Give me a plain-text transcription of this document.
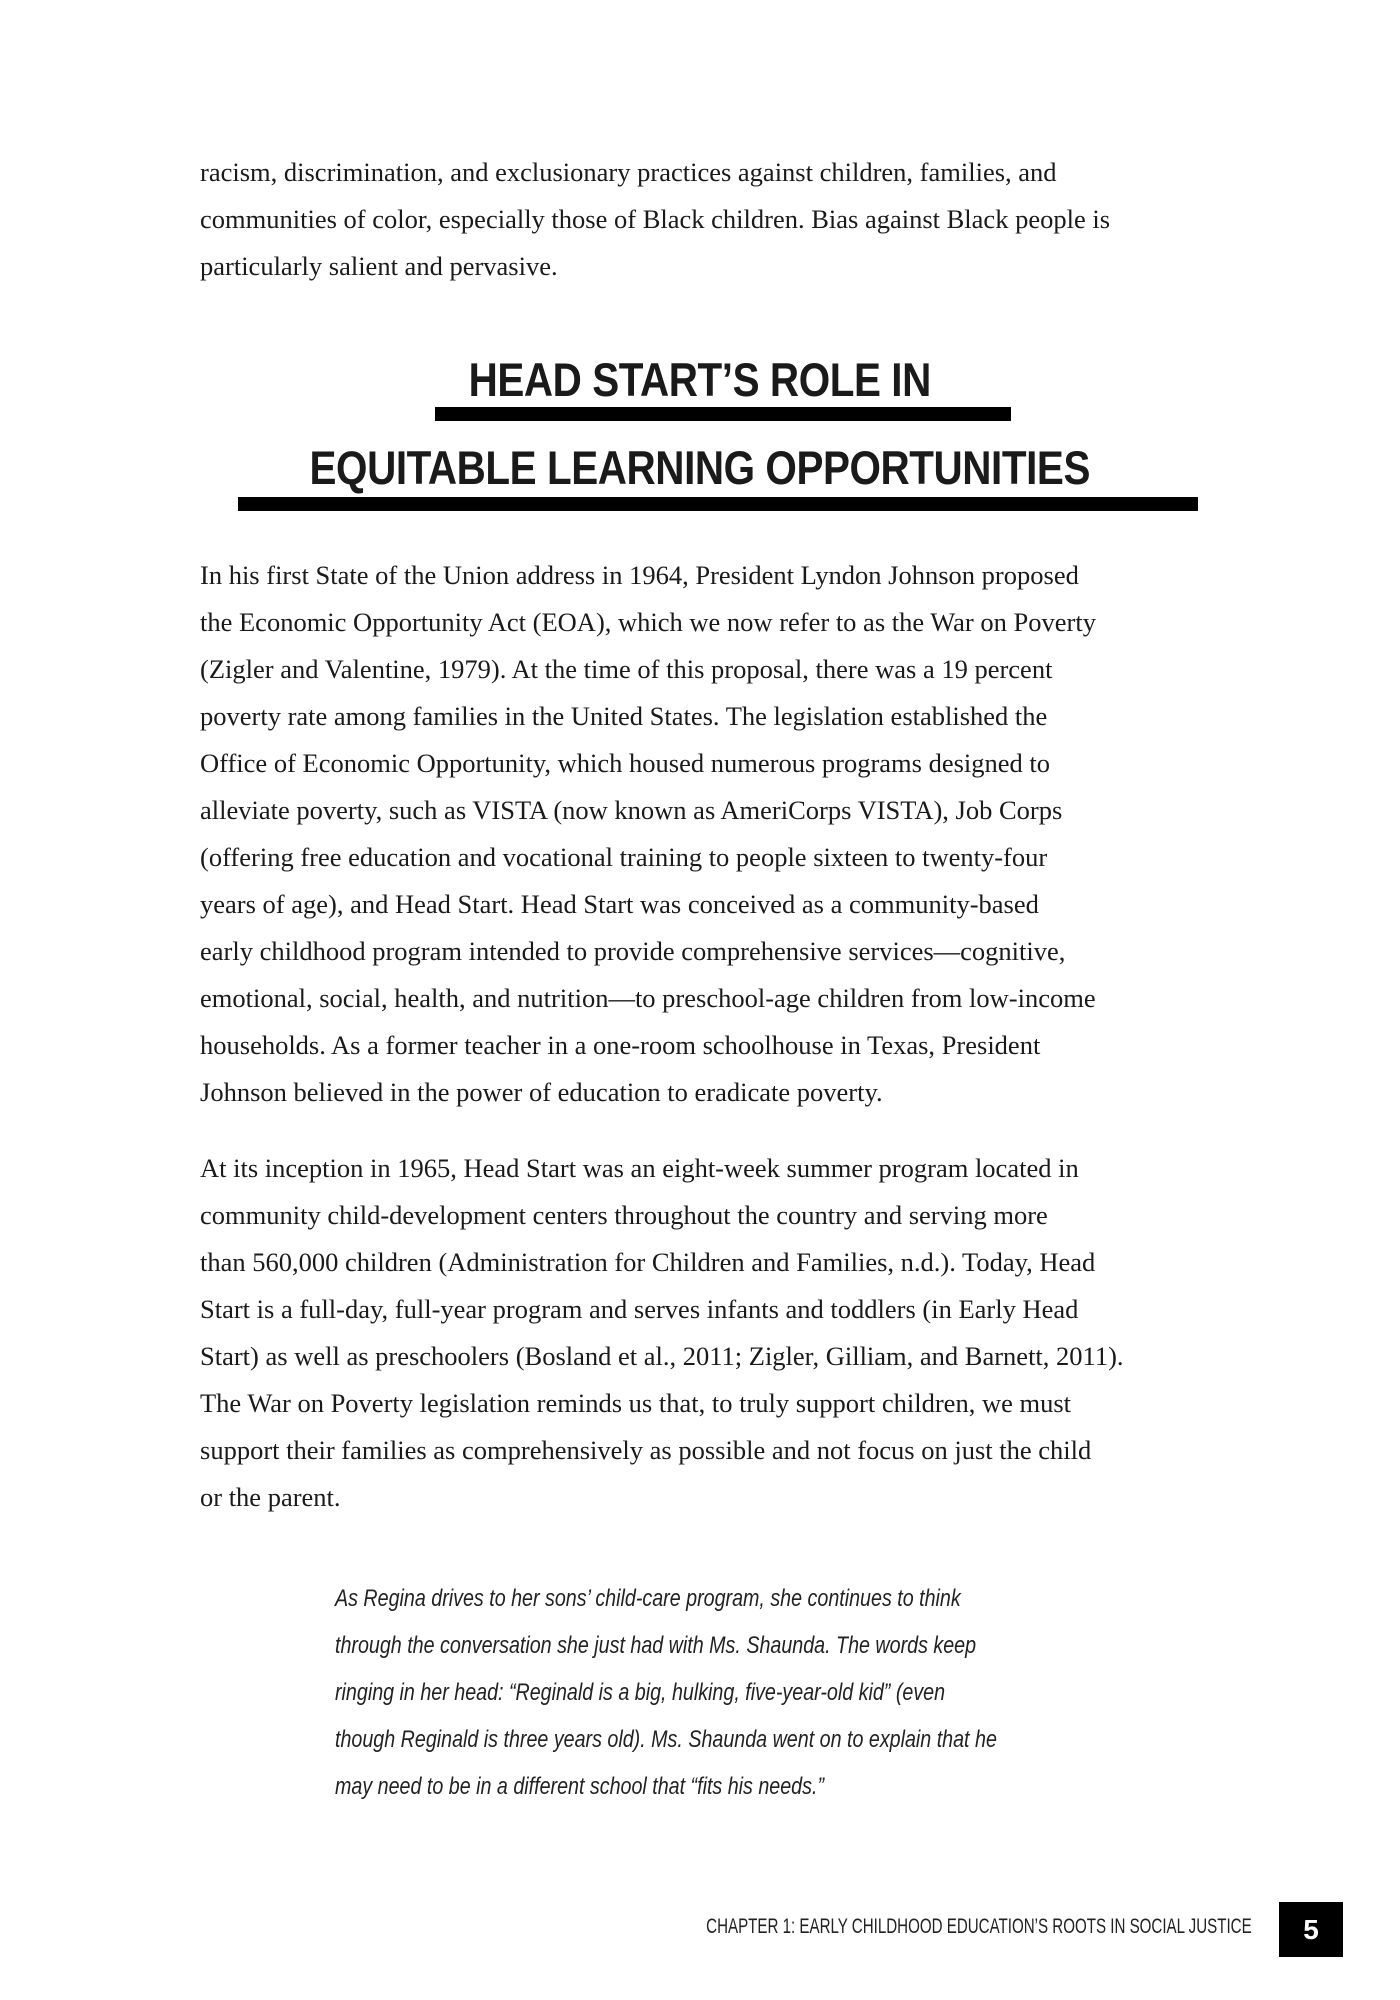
racism, discrimination, and exclusionary practices against children, families, and
communities of color, especially those of Black children. Bias against Black people is
particularly salient and pervasive.
HEAD START’S ROLE IN
EQUITABLE LEARNING OPPORTUNITIES
In his first State of the Union address in 1964, President Lyndon Johnson proposed
the Economic Opportunity Act (EOA), which we now refer to as the War on Poverty
(Zigler and Valentine, 1979). At the time of this proposal, there was a 19 percent
poverty rate among families in the United States. The legislation established the
Office of Economic Opportunity, which housed numerous programs designed to
alleviate poverty, such as VISTA (now known as AmeriCorps VISTA), Job Corps
(offering free education and vocational training to people sixteen to twenty-four
years of age), and Head Start. Head Start was conceived as a community-based
early childhood program intended to provide comprehensive services—cognitive,
emotional, social, health, and nutrition—to preschool-age children from low-income
households. As a former teacher in a one-room schoolhouse in Texas, President
Johnson believed in the power of education to eradicate poverty.
At its inception in 1965, Head Start was an eight-week summer program located in
community child-development centers throughout the country and serving more
than 560,000 children (Administration for Children and Families, n.d.). Today, Head
Start is a full-day, full-year program and serves infants and toddlers (in Early Head
Start) as well as preschoolers (Bosland et al., 2011; Zigler, Gilliam, and Barnett, 2011).
The War on Poverty legislation reminds us that, to truly support children, we must
support their families as comprehensively as possible and not focus on just the child
or the parent.
As Regina drives to her sons’ child-care program, she continues to think
through the conversation she just had with Ms. Shaunda. The words keep
ringing in her head: “Reginald is a big, hulking, five-year-old kid” (even
though Reginald is three years old). Ms. Shaunda went on to explain that he
may need to be in a different school that “fits his needs.”
CHAPTER 1: EARLY CHILDHOOD EDUCATION’S ROOTS IN SOCIAL JUSTICE	5
